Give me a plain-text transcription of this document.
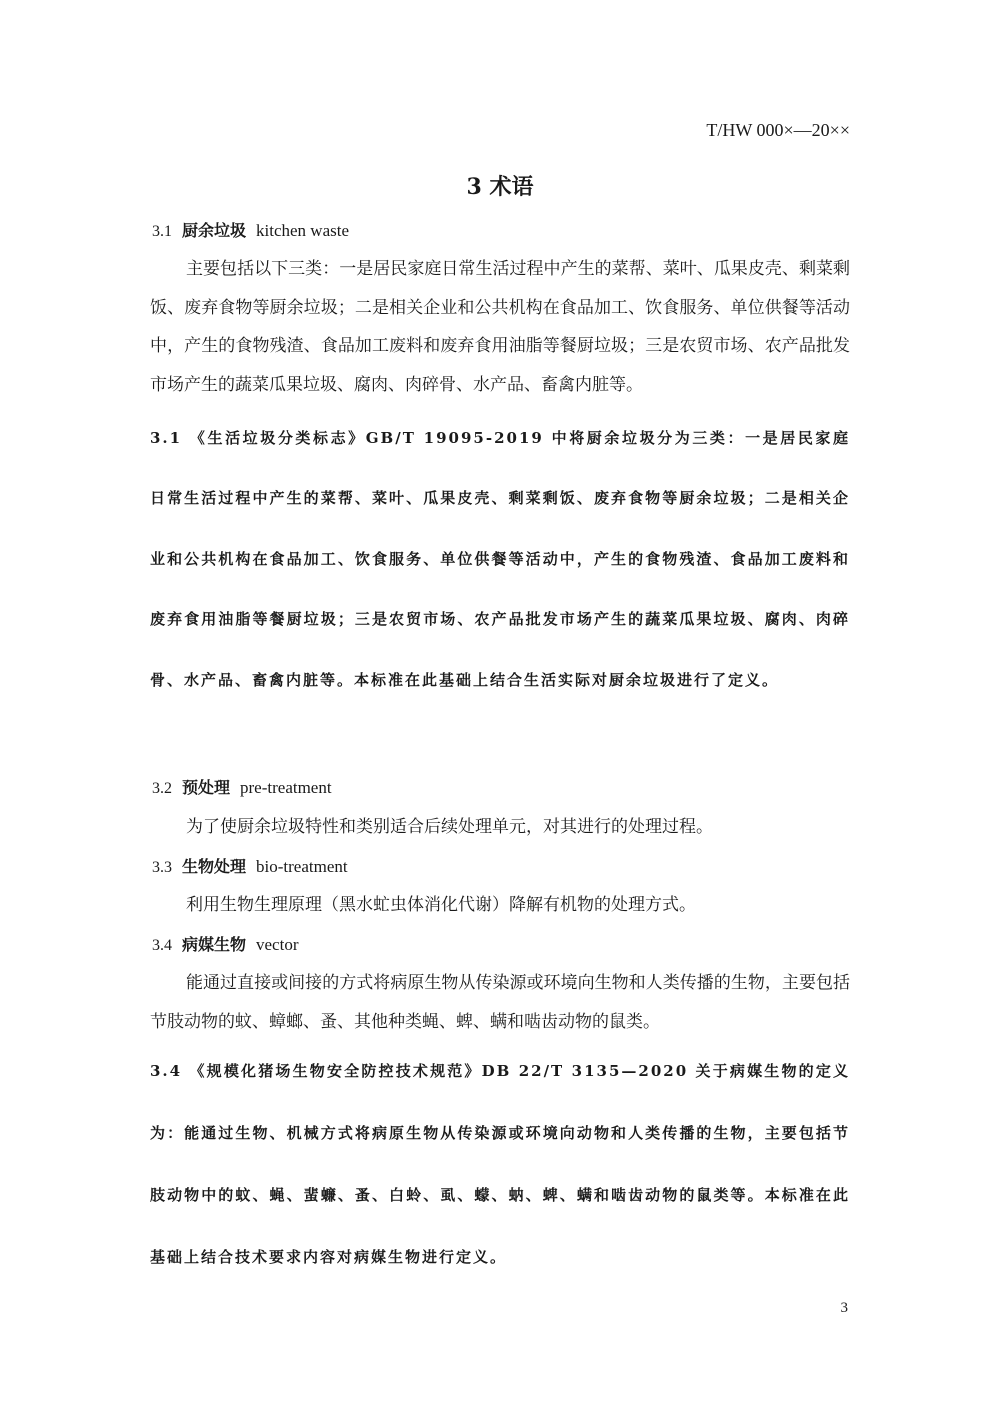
T/HW 000×—20××
3 术语
3.1 厨余垃圾 kitchen waste

主要包括以下三类：一是居民家庭日常生活过程中产生的菜帮、菜叶、瓜果皮壳、剩菜剩饭、废弃食物等厨余垃圾；二是相关企业和公共机构在食品加工、饮食服务、单位供餐等活动中，产生的食物残渣、食品加工废料和废弃食用油脂等餐厨垃圾；三是农贸市场、农产品批发市场产生的蔬菜瓜果垃圾、腐肉、肉碎骨、水产品、畜禽内脏等。

3.1 《生活垃圾分类标志》GB/T 19095-2019 中将厨余垃圾分为三类：一是居民家庭日常生活过程中产生的菜帮、菜叶、瓜果皮壳、剩菜剩饭、废弃食物等厨余垃圾；二是相关企业和公共机构在食品加工、饮食服务、单位供餐等活动中，产生的食物残渣、食品加工废料和废弃食用油脂等餐厨垃圾；三是农贸市场、农产品批发市场产生的蔬菜瓜果垃圾、腐肉、肉碎骨、水产品、畜禽内脏等。本标准在此基础上结合生活实际对厨余垃圾进行了定义。

3.2 预处理 pre-treatment

为了使厨余垃圾特性和类别适合后续处理单元，对其进行的处理过程。

3.3 生物处理 bio-treatment

利用生物生理原理（黑水虻虫体消化代谢）降解有机物的处理方式。

3.4 病媒生物 vector

能通过直接或间接的方式将病原生物从传染源或环境向生物和人类传播的生物，主要包括节肢动物的蚊、蟑螂、蚤、其他种类蝇、蜱、螨和啮齿动物的鼠类。

3.4 《规模化猪场生物安全防控技术规范》DB 22/T 3135—2020 关于病媒生物的定义为：能通过生物、机械方式将病原生物从传染源或环境向动物和人类传播的生物，主要包括节肢动物中的蚊、蝇、蜚蠊、蚤、白蛉、虱、蠓、蚋、蜱、螨和啮齿动物的鼠类等。本标准在此基础上结合技术要求内容对病媒生物进行定义。

3
